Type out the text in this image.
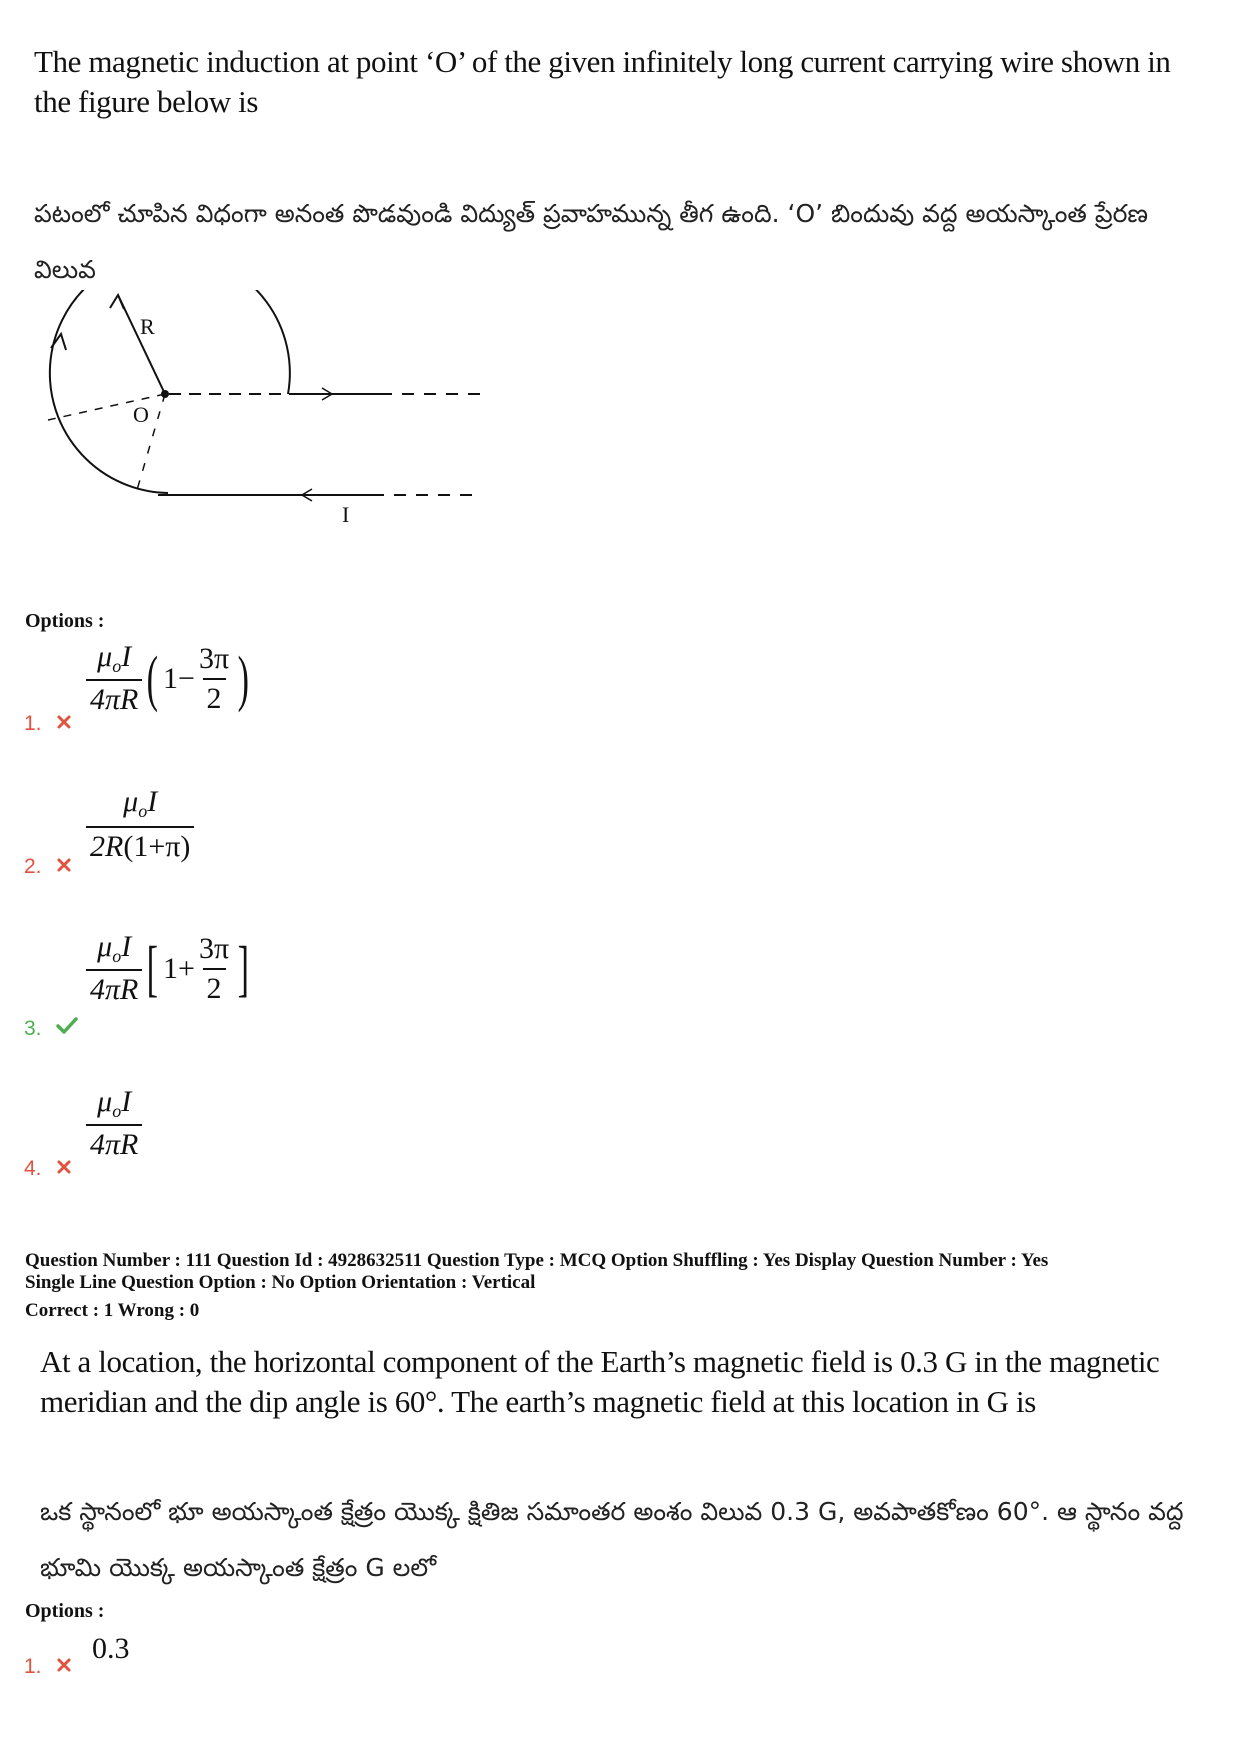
The magnetic induction at point ‘O’ of the given infinitely long current carrying wire shown in the figure below is
పటంలో చూపిన విధంగా అనంత పొడవుండి విద్యుత్ ప్రవాహమున్న తీగ ఉంది. ‘O’ బిందువు వద్ద అయస్కాంత ప్రేరణ విలువ
R
O
I
Options :
$\frac{\mu_oI}{4\pi R}$ ( $1 - \frac{3\pi}{2}$ )
1.
$\frac{\mu_oI}{2R(1+\pi)}$
2.
$\frac{\mu_oI}{4\pi R}$ [ $1 + \frac{3\pi}{2}$ ]
3.
$\frac{\mu_oI}{4\pi R}$
4.
Question Number : 111 Question Id : 4928632511 Question Type : MCQ Option Shuffling : Yes Display Question Number : Yes
Single Line Question Option : No Option Orientation : Vertical
Correct : 1 Wrong : 0
At a location, the horizontal component of the Earth’s magnetic field is 0.3 G in the magnetic meridian and the dip angle is 60°. The earth’s magnetic field at this location in G is
ఒక స్థానంలో భూ అయస్కాంత క్షేత్రం యొక్క క్షితిజ సమాంతర అంశం విలువ 0.3 G, అవపాతకోణం 60°. ఆ స్థానం వద్ద భూమి యొక్క అయస్కాంత క్షేత్రం G లలో
Options :
0.3
1.
